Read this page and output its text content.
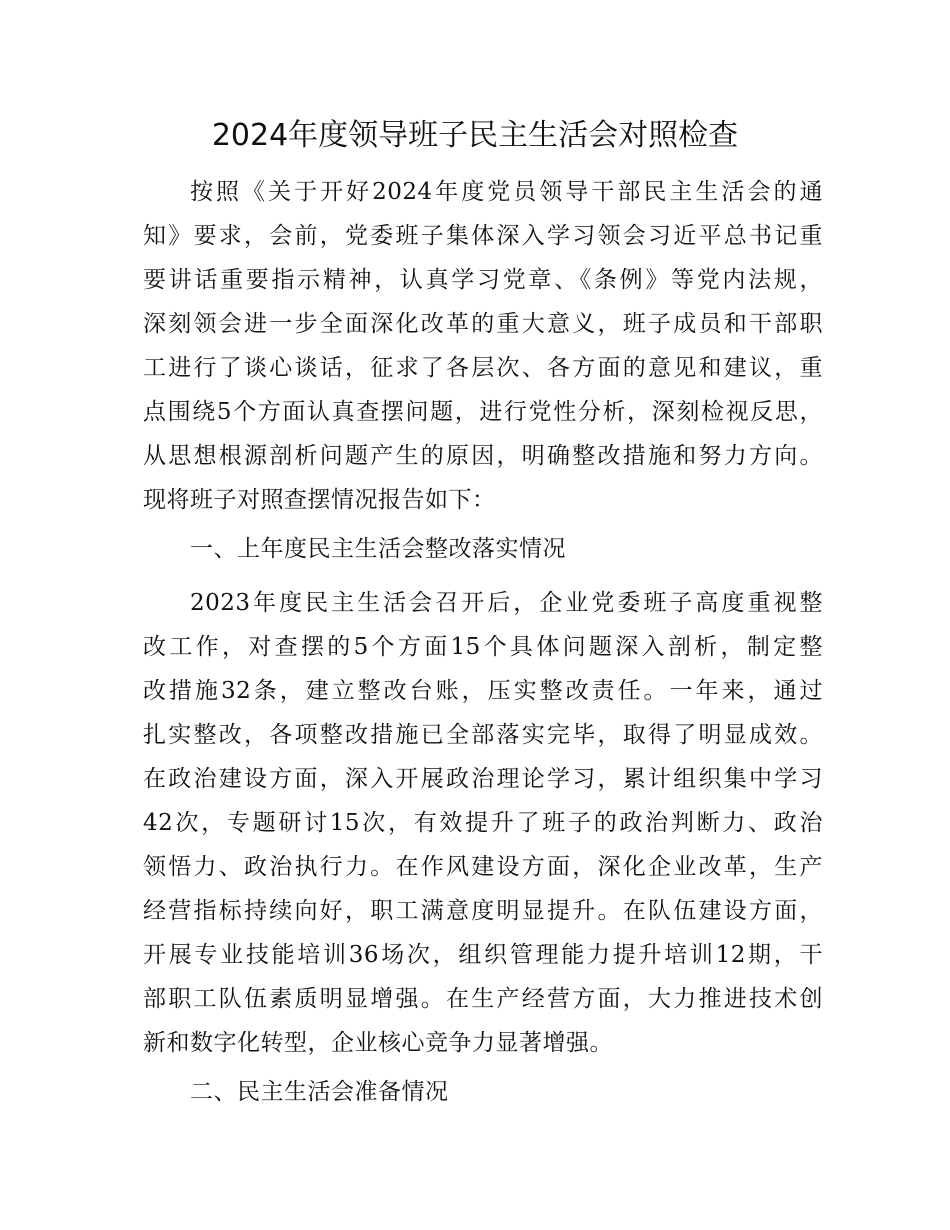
2024年度领导班子民主生活会对照检查
按照《关于开好2024年度党员领导干部民主生活会的通
知》要求，会前，党委班子集体深入学习领会习近平总书记重
要讲话重要指示精神，认真学习党章、《条例》等党内法规，
深刻领会进一步全面深化改革的重大意义，班子成员和干部职
工进行了谈心谈话，征求了各层次、各方面的意见和建议，重
点围绕5个方面认真查摆问题，进行党性分析，深刻检视反思，
从思想根源剖析问题产生的原因，明确整改措施和努力方向。
现将班子对照查摆情况报告如下：
一、上年度民主生活会整改落实情况
2023年度民主生活会召开后，企业党委班子高度重视整
改工作，对查摆的5个方面15个具体问题深入剖析，制定整
改措施32条，建立整改台账，压实整改责任。一年来，通过
扎实整改，各项整改措施已全部落实完毕，取得了明显成效。
在政治建设方面，深入开展政治理论学习，累计组织集中学习
42次，专题研讨15次，有效提升了班子的政治判断力、政治
领悟力、政治执行力。在作风建设方面，深化企业改革，生产
经营指标持续向好，职工满意度明显提升。在队伍建设方面，
开展专业技能培训36场次，组织管理能力提升培训12期，干
部职工队伍素质明显增强。在生产经营方面，大力推进技术创
新和数字化转型，企业核心竞争力显著增强。
二、民主生活会准备情况
